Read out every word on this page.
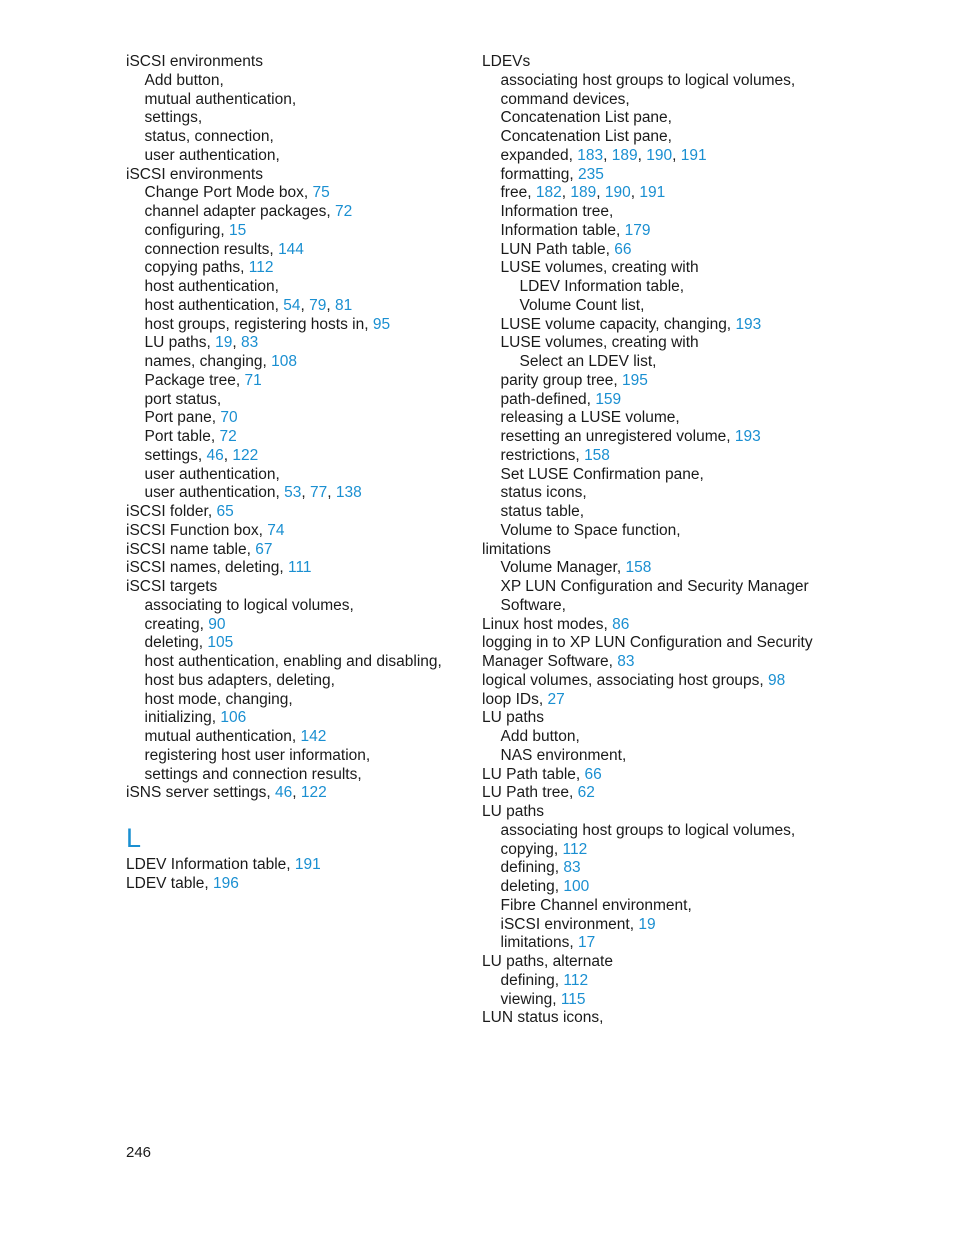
iSCSI environments
Add button,
mutual authentication,
settings,
status, connection,
user authentication,
iSCSI environments
Change Port Mode box, 75
channel adapter packages, 72
configuring, 15
connection results, 144
copying paths, 112
host authentication,
host authentication, 54, 79, 81
host groups, registering hosts in, 95
LU paths, 19, 83
names, changing, 108
Package tree, 71
port status,
Port pane, 70
Port table, 72
settings, 46, 122
user authentication,
user authentication, 53, 77, 138
iSCSI folder, 65
iSCSI Function box, 74
iSCSI name table, 67
iSCSI names, deleting, 111
iSCSI targets
associating to logical volumes,
creating, 90
deleting, 105
host authentication, enabling and disabling,
host bus adapters, deleting,
host mode, changing,
initializing, 106
mutual authentication, 142
registering host user information,
settings and connection results,
iSNS server settings, 46, 122
L
LDEV Information table, 191
LDEV table, 196
LDEVs
associating host groups to logical volumes,
command devices,
Concatenation List pane,
Concatenation List pane,
expanded, 183, 189, 190, 191
formatting, 235
free, 182, 189, 190, 191
Information tree,
Information table, 179
LUN Path table, 66
LUSE volumes, creating with
LDEV Information table,
Volume Count list,
LUSE volume capacity, changing, 193
LUSE volumes, creating with
Select an LDEV list,
parity group tree, 195
path-defined, 159
releasing a LUSE volume,
resetting an unregistered volume, 193
restrictions, 158
Set LUSE Confirmation pane,
status icons,
status table,
Volume to Space function,
limitations
Volume Manager, 158
XP LUN Configuration and Security Manager
Software,
Linux host modes, 86
logging in to XP LUN Configuration and Security
Manager Software, 83
logical volumes, associating host groups, 98
loop IDs, 27
LU paths
Add button,
NAS environment,
LU Path table, 66
LU Path tree, 62
LU paths
associating host groups to logical volumes,
copying, 112
defining, 83
deleting, 100
Fibre Channel environment,
iSCSI environment, 19
limitations, 17
LU paths, alternate
defining, 112
viewing, 115
LUN status icons,
246
